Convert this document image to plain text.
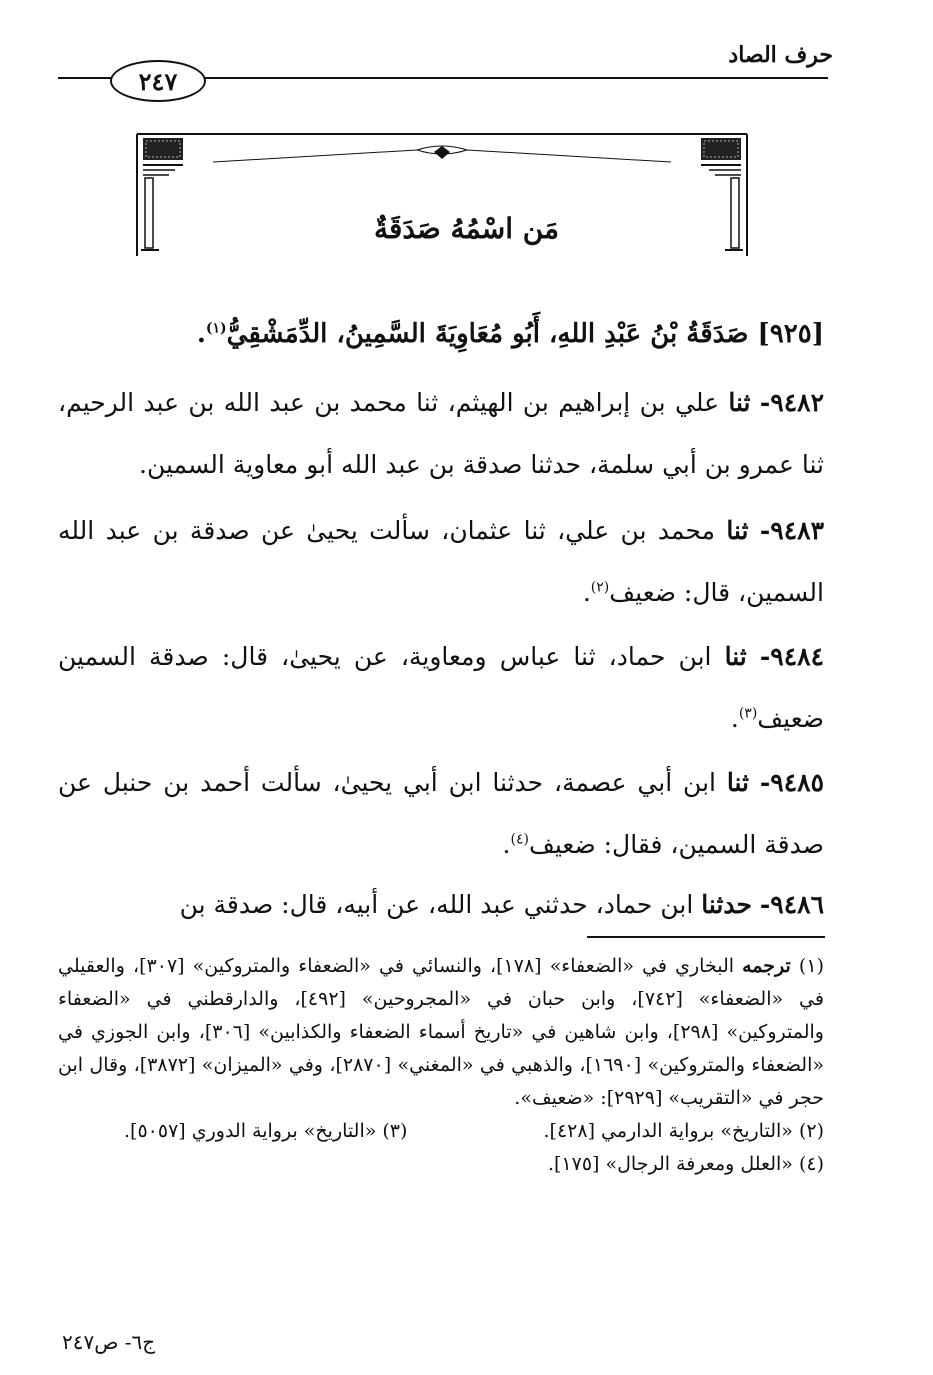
حرف الصاد
٢٤٧
مَن اسْمُهُ صَدَقَةٌ
[٩٢٥] صَدَقَةُ بْنُ عَبْدِ اللهِ، أَبُو مُعَاوِيَةَ السَّمِينُ، الدِّمَشْقِيُّ$^{(١)}$.
٩٤٨٢- ثنا علي بن إبراهيم بن الهيثم، ثنا محمد بن عبد الله بن عبد الرحيم، ثنا عمرو بن أبي سلمة، حدثنا صدقة بن عبد الله أبو معاوية السمين.
٩٤٨٣- ثنا محمد بن علي، ثنا عثمان، سألت يحيىٰ عن صدقة بن عبد الله السمين، قال: ضعيف$^{(٢)}$.
٩٤٨٤- ثنا ابن حماد، ثنا عباس ومعاوية، عن يحيىٰ، قال: صدقة السمين ضعيف$^{(٣)}$.
٩٤٨٥- ثنا ابن أبي عصمة، حدثنا ابن أبي يحيىٰ، سألت أحمد بن حنبل عن صدقة السمين، فقال: ضعيف$^{(٤)}$.
٩٤٨٦- حدثنا ابن حماد، حدثني عبد الله، عن أبيه، قال: صدقة بن

(١) ترجمه البخاري في «الضعفاء» [١٧٨]، والنسائي في «الضعفاء والمتروكين» [٣٠٧]، والعقيلي في «الضعفاء» [٧٤٢]، وابن حبان في «المجروحين» [٤٩٢]، والدارقطني في «الضعفاء والمتروكين» [٢٩٨]، وابن شاهين في «تاريخ أسماء الضعفاء والكذابين» [٣٠٦]، وابن الجوزي في «الضعفاء والمتروكين» [١٦٩٠]، والذهبي في «المغني» [٢٨٧٠]، وفي «الميزان» [٣٨٧٢]، وقال ابن حجر في «التقريب» [٢٩٢٩]: «ضعيف».

(٢) «التاريخ» برواية الدارمي [٤٢٨].

(٣) «التاريخ» برواية الدوري [٥٠٥٧].

(٤) «العلل ومعرفة الرجال» [١٧٥].

ج٦- ص٢٤٧
